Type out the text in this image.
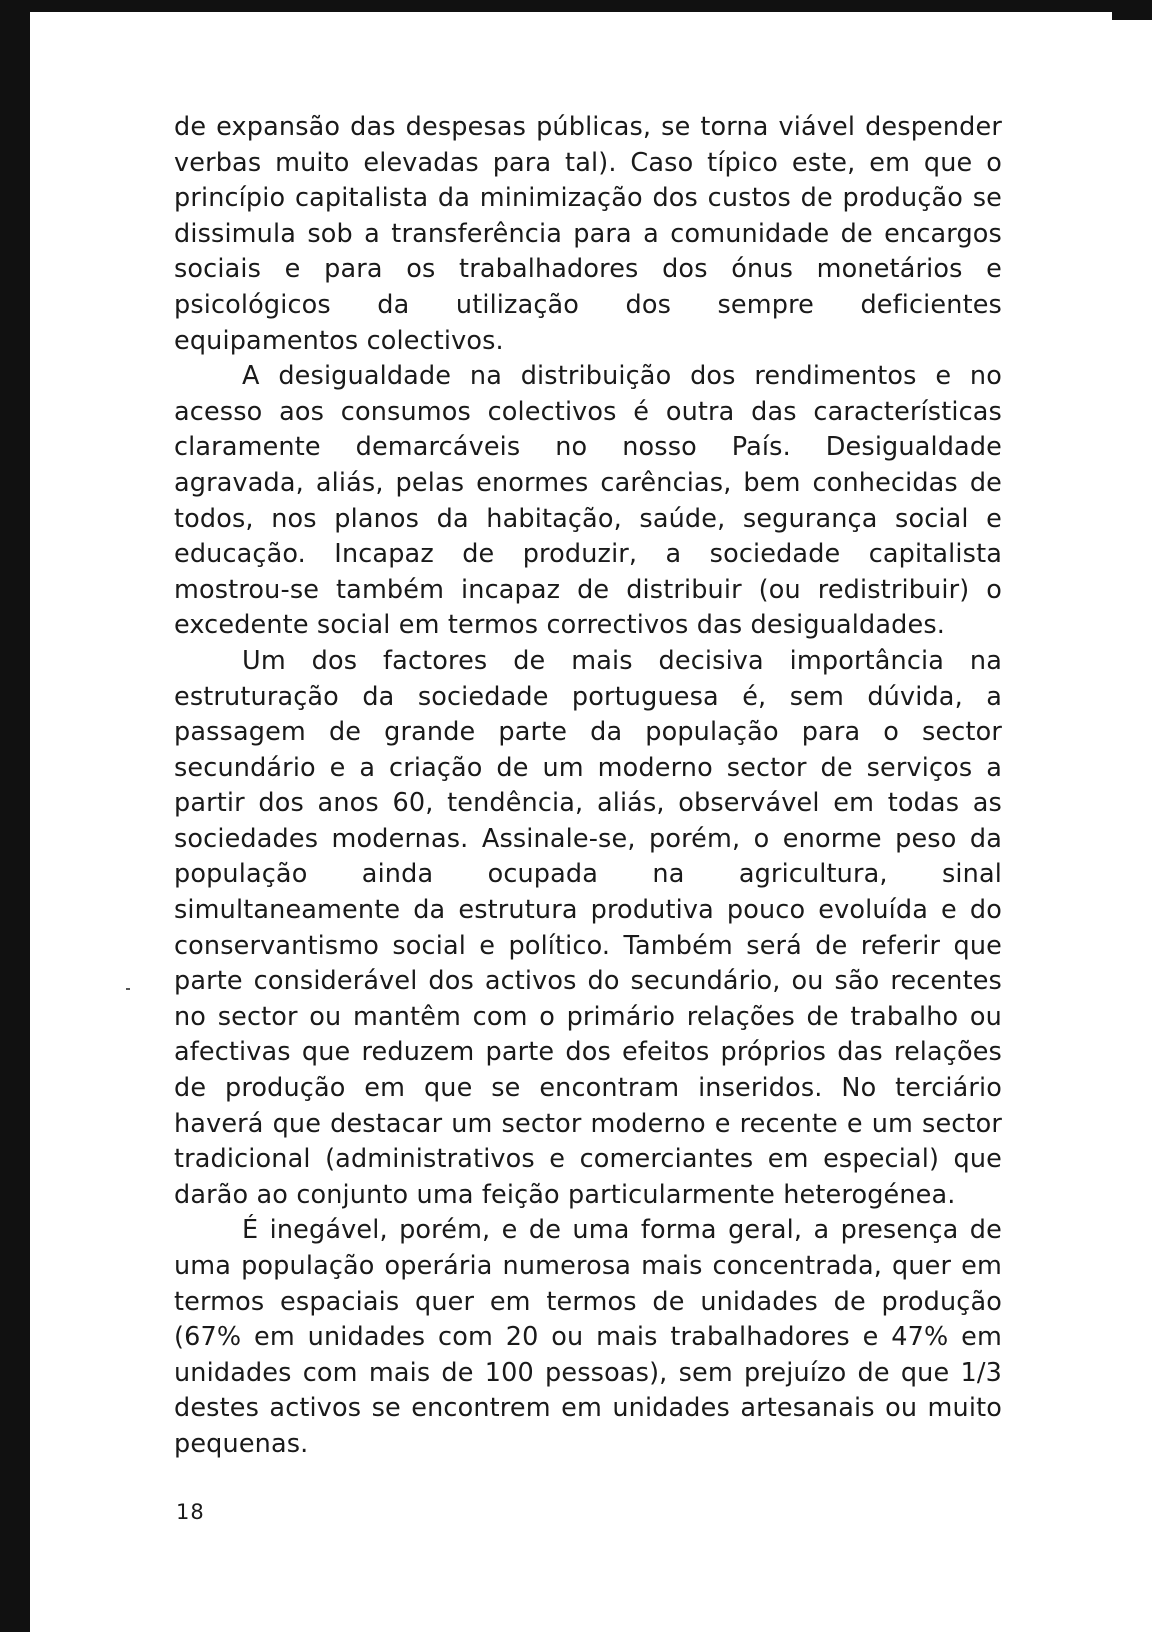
de expansão das despesas públicas, se torna viável despender verbas muito elevadas para tal). Caso típico este, em que o princípio capitalista da minimização dos custos de produção se dissimula sob a transferência para a comunidade de encargos sociais e para os trabalhadores dos ónus monetários e psicológicos da utilização dos sempre deficientes equipamentos colectivos.

A desigualdade na distribuição dos rendimentos e no acesso aos consumos colectivos é outra das características claramente demarcáveis no nosso País. Desigualdade agravada, aliás, pelas enormes carências, bem conhecidas de todos, nos planos da habitação, saúde, segurança social e educação. Incapaz de produzir, a sociedade capitalista mostrou-se também incapaz de distribuir (ou redistribuir) o excedente social em termos correctivos das desigualdades.

Um dos factores de mais decisiva importância na estruturação da sociedade portuguesa é, sem dúvida, a passagem de grande parte da população para o sector secundário e a criação de um moderno sector de serviços a partir dos anos 60, tendência, aliás, observável em todas as sociedades modernas. Assinale-se, porém, o enorme peso da população ainda ocupada na agricultura, sinal simultaneamente da estrutura produtiva pouco evoluída e do conservantismo social e político. Também será de referir que parte considerável dos activos do secundário, ou são recentes no sector ou mantêm com o primário relações de trabalho ou afectivas que reduzem parte dos efeitos próprios das relações de produção em que se encontram inseridos. No terciário haverá que destacar um sector moderno e recente e um sector tradicional (administrativos e comerciantes em especial) que darão ao conjunto uma feição particularmente heterogénea.

É inegável, porém, e de uma forma geral, a presença de uma população operária numerosa mais concentrada, quer em termos espaciais quer em termos de unidades de produção (67% em unidades com 20 ou mais trabalhadores e 47% em unidades com mais de 100 pessoas), sem prejuízo de que 1/3 destes activos se encontrem em unidades artesanais ou muito pequenas.

18
